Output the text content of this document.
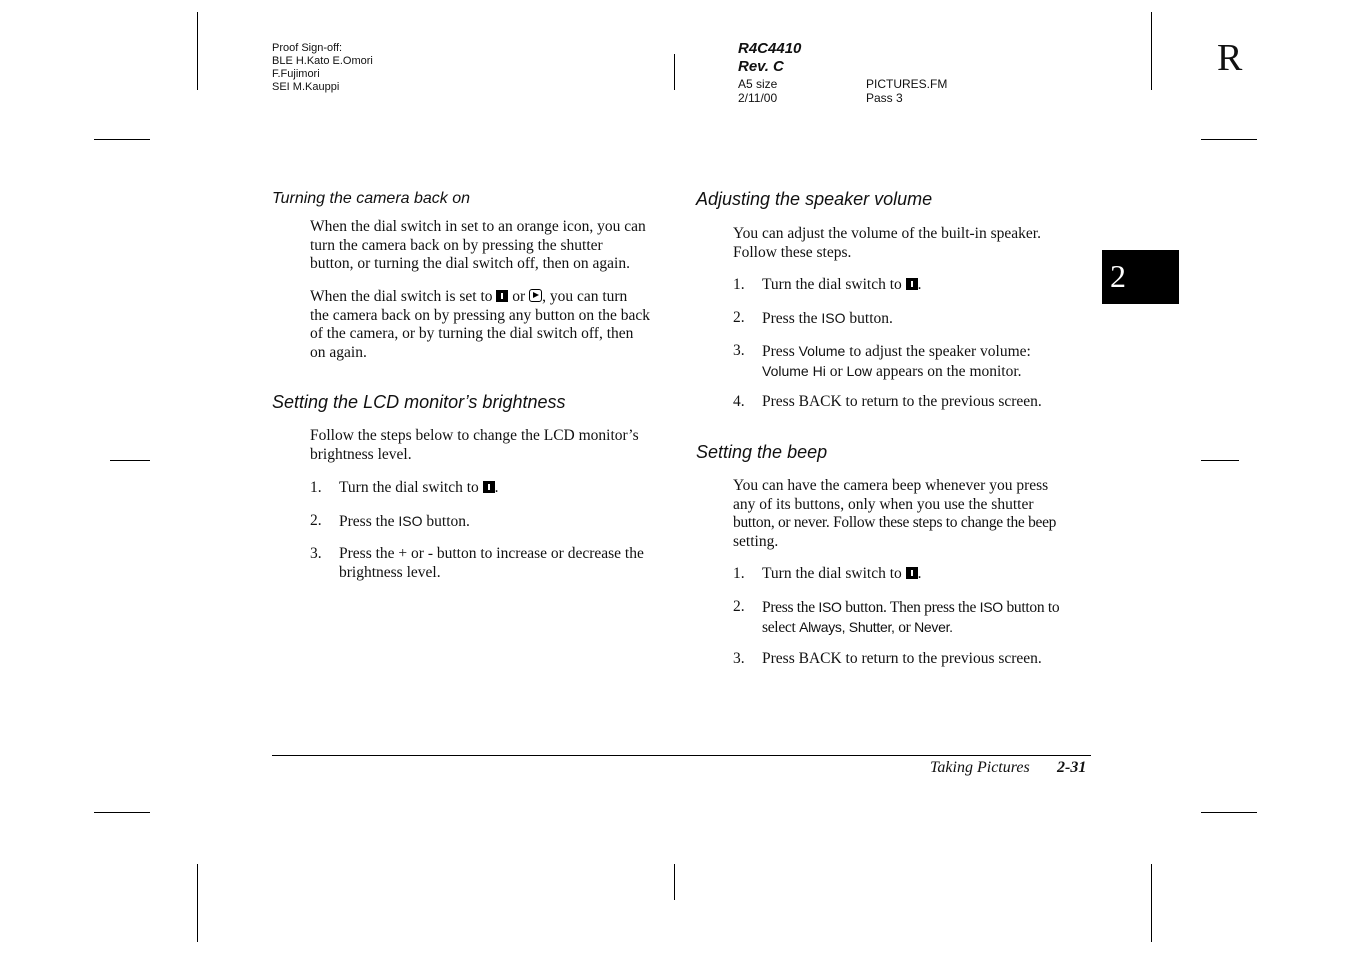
Proof Sign-off:
BLE H.Kato E.Omori
F.Fujimori
SEI M.Kauppi
R4C4410
Rev. C
A5 size	PICTURES.FM
2/11/00	Pass 3
R
2
Turning the camera back on
When the dial switch in set to an orange icon, you can
turn the camera back on by pressing the shutter
button, or turning the dial switch off, then on again.
When the dial switch is set to or , you can turn
the camera back on by pressing any button on the back
of the camera, or by turning the dial switch off, then
on again.
Setting the LCD monitor’s brightness
Follow the steps below to change the LCD monitor’s
brightness level.
1. Turn the dial switch to .
2. Press the ISO button.
3. Press the + or - button to increase or decrease the
brightness level.
Adjusting the speaker volume
You can adjust the volume of the built-in speaker.
Follow these steps.
1. Turn the dial switch to .
2. Press the ISO button.
3. Press Volume to adjust the speaker volume:
Volume Hi or Low appears on the monitor.
4. Press BACK to return to the previous screen.
Setting the beep
You can have the camera beep whenever you press
any of its buttons, only when you use the shutter
button, or never. Follow these steps to change the beep
setting.
1. Turn the dial switch to .
2. Press the ISO button. Then press the ISO button to
select Always, Shutter, or Never.
3. Press BACK to return to the previous screen.
Taking Pictures 2-31
